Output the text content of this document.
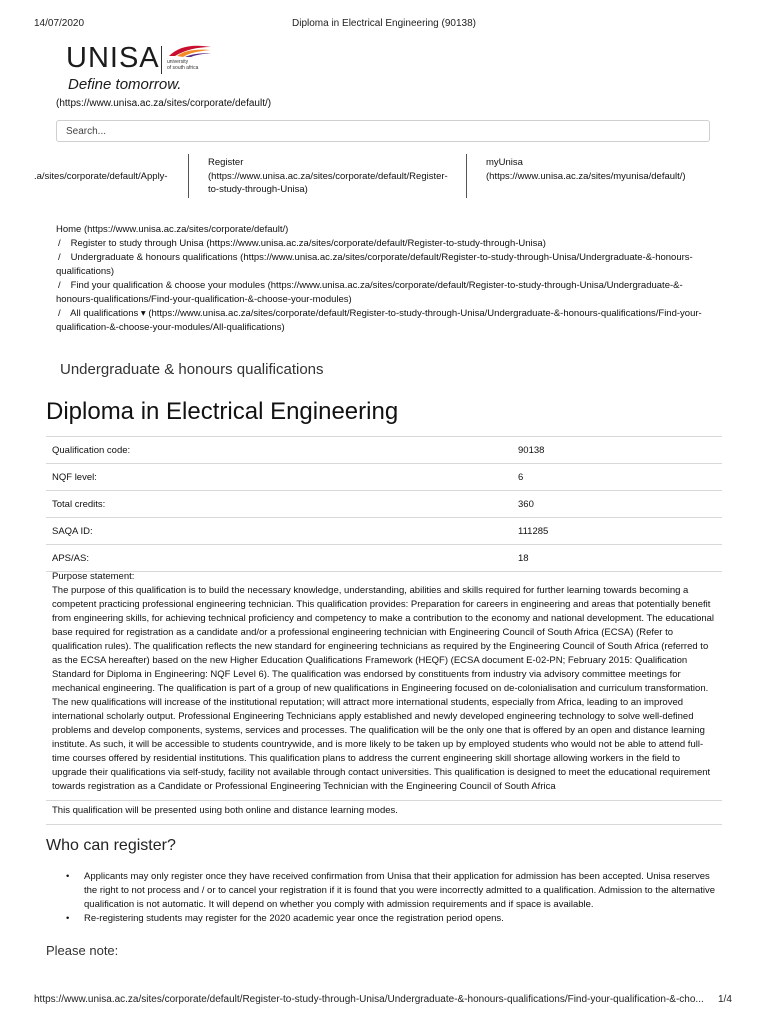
14/07/2020	Diploma in Electrical Engineering (90138)
UNISA university
of south africa
Define tomorrow.
(https://www.unisa.ac.za/sites/corporate/default/)
Search...
.a/sites/corporate/default/Apply-
Register
(https://www.unisa.ac.za/sites/corporate/default/Register-to-study-through-Unisa)
myUnisa
(https://www.unisa.ac.za/sites/myunisa/default/)
Home (https://www.unisa.ac.za/sites/corporate/default/)
/ Register to study through Unisa (https://www.unisa.ac.za/sites/corporate/default/Register-to-study-through-Unisa)
/ Undergraduate & honours qualifications (https://www.unisa.ac.za/sites/corporate/default/Register-to-study-through-Unisa/Undergraduate-&-honours-qualifications)
/ Find your qualification & choose your modules (https://www.unisa.ac.za/sites/corporate/default/Register-to-study-through-Unisa/Undergraduate-&-honours-qualifications/Find-your-qualification-&-choose-your-modules)
/ All qualifications ▾ (https://www.unisa.ac.za/sites/corporate/default/Register-to-study-through-Unisa/Undergraduate-&-honours-qualifications/Find-your-qualification-&-choose-your-modules/All-qualifications)
Undergraduate & honours qualifications
Diploma in Electrical Engineering
Qualification code:	90138
NQF level:	6
Total credits:	360
SAQA ID:	111285
APS/AS:	18
Purpose statement:
The purpose of this qualification is to build the necessary knowledge, understanding, abilities and skills required for further learning towards becoming a competent practicing professional engineering technician. This qualification provides: Preparation for careers in engineering and areas that potentially benefit from engineering skills, for achieving technical proficiency and competency to make a contribution to the economy and national development. The educational base required for registration as a candidate and/or a professional engineering technician with Engineering Council of South Africa (ECSA) (Refer to qualification rules). The qualification reflects the new standard for engineering technicians as required by the Engineering Council of South Africa (referred to as the ECSA hereafter) based on the new Higher Education Qualifications Framework (HEQF) (ECSA document E-02-PN; February 2015: Qualification Standard for Diploma in Engineering: NQF Level 6). The qualification was endorsed by constituents from industry via advisory committee meetings for mechanical engineering. The qualification is part of a group of new qualifications in Engineering focused on de-colonialisation and curriculum transformation. The new qualifications will increase of the institutional reputation; will attract more international students, especially from Africa, leading to an improved international scholarly output. Professional Engineering Technicians apply established and newly developed engineering technology to solve well-defined problems and develop components, systems, services and processes. The qualification will be the only one that is offered by an open and distance learning institute. As such, it will be accessible to students countrywide, and is more likely to be taken up by employed students who would not be able to attend full-time courses offered by residential institutions. This qualification plans to address the current engineering skill shortage allowing workers in the field to upgrade their qualifications via self-study, facility not available through contact universities. This qualification is designed to meet the educational requirement towards registration as a Candidate or Professional Engineering Technician with the Engineering Council of South Africa
This qualification will be presented using both online and distance learning modes.
Who can register?
• Applicants may only register once they have received confirmation from Unisa that their application for admission has been accepted. Unisa reserves the right to not process and / or to cancel your registration if it is found that you were incorrectly admitted to a qualification. Admission to the alternative qualification is not automatic. It will depend on whether you comply with admission requirements and if space is available.
• Re-registering students may register for the 2020 academic year once the registration period opens.
Please note:
https://www.unisa.ac.za/sites/corporate/default/Register-to-study-through-Unisa/Undergraduate-&-honours-qualifications/Find-your-qualification-&-cho... 1/4
